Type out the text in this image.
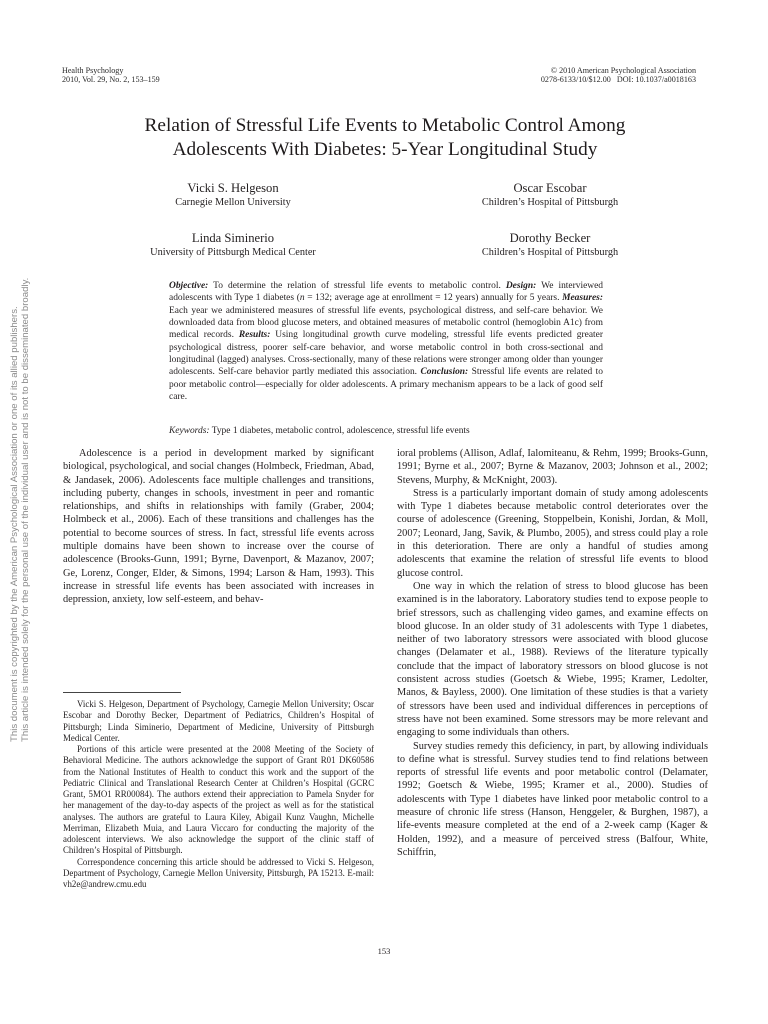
Health Psychology
2010, Vol. 29, No. 2, 153–159
© 2010 American Psychological Association
0278-6133/10/$12.00   DOI: 10.1037/a0018163
Relation of Stressful Life Events to Metabolic Control Among
Adolescents With Diabetes: 5-Year Longitudinal Study
Vicki S. Helgeson
Carnegie Mellon University
Oscar Escobar
Children’s Hospital of Pittsburgh
Linda Siminerio
University of Pittsburgh Medical Center
Dorothy Becker
Children’s Hospital of Pittsburgh
Objective: To determine the relation of stressful life events to metabolic control. Design: We interviewed adolescents with Type 1 diabetes (n = 132; average age at enrollment = 12 years) annually for 5 years. Measures: Each year we administered measures of stressful life events, psychological distress, and self-care behavior. We downloaded data from blood glucose meters, and obtained measures of metabolic control (hemoglobin A1c) from medical records. Results: Using longitudinal growth curve modeling, stressful life events predicted greater psychological distress, poorer self-care behavior, and worse metabolic control in both cross-sectional and longitudinal (lagged) analyses. Cross-sectionally, many of these relations were stronger among older than younger adolescents. Self-care behavior partly mediated this association. Conclusion: Stressful life events are related to poor metabolic control—especially for older adolescents. A primary mechanism appears to be a lack of good self care.
Keywords: Type 1 diabetes, metabolic control, adolescence, stressful life events

Adolescence is a period in development marked by significant biological, psychological, and social changes (Holmbeck, Friedman, Abad, & Jandasek, 2006). Adolescents face multiple challenges and transitions, including puberty, changes in schools, investment in peer and romantic relationships, and shifts in relationships with family (Graber, 2004; Holmbeck et al., 2006). Each of these transitions and challenges has the potential to become sources of stress. In fact, stressful life events across multiple domains have been shown to increase over the course of adolescence (Brooks-Gunn, 1991; Byrne, Davenport, & Mazanov, 2007; Ge, Lorenz, Conger, Elder, & Simons, 1994; Larson & Ham, 1993). This increase in stressful life events has been associated with increases in depression, anxiety, low self-esteem, and behav-

Vicki S. Helgeson, Department of Psychology, Carnegie Mellon University; Oscar Escobar and Dorothy Becker, Department of Pediatrics, Children’s Hospital of Pittsburgh; Linda Siminerio, Department of Medicine, University of Pittsburgh Medical Center.

Portions of this article were presented at the 2008 Meeting of the Society of Behavioral Medicine. The authors acknowledge the support of Grant R01 DK60586 from the National Institutes of Health to conduct this work and the support of the Pediatric Clinical and Translational Research Center at Children’s Hospital (GCRC Grant, 5MO1 RR00084). The authors extend their appreciation to Pamela Snyder for her management of the day-to-day aspects of the project as well as for the statistical analyses. The authors are grateful to Laura Kiley, Abigail Kunz Vaughn, Michelle Merriman, Elizabeth Muia, and Laura Viccaro for conducting the majority of the adolescent interviews. We also acknowledge the support of the clinic staff of Children’s Hospital of Pittsburgh.

Correspondence concerning this article should be addressed to Vicki S. Helgeson, Department of Psychology, Carnegie Mellon University, Pittsburgh, PA 15213. E-mail: vh2e@andrew.cmu.edu

ioral problems (Allison, Adlaf, Ialomiteanu, & Rehm, 1999; Brooks-Gunn, 1991; Byrne et al., 2007; Byrne & Mazanov, 2003; Johnson et al., 2002; Stevens, Murphy, & McKnight, 2003).

Stress is a particularly important domain of study among adolescents with Type 1 diabetes because metabolic control deteriorates over the course of adolescence (Greening, Stoppelbein, Konishi, Jordan, & Moll, 2007; Leonard, Jang, Savik, & Plumbo, 2005), and stress could play a role in this deterioration. There are only a handful of studies among adolescents that examine the relation of stressful life events to blood glucose control.

One way in which the relation of stress to blood glucose has been examined is in the laboratory. Laboratory studies tend to expose people to brief stressors, such as challenging video games, and examine effects on blood glucose. In an older study of 31 adolescents with Type 1 diabetes, neither of two laboratory stressors were associated with blood glucose changes (Delamater et al., 1988). Reviews of the literature typically conclude that the impact of laboratory stressors on blood glucose is not consistent across studies (Goetsch & Wiebe, 1995; Kramer, Ledolter, Manos, & Bayless, 2000). One limitation of these studies is that a variety of stressors have been used and individual differences in perceptions of stress have not been examined. Some stressors may be more relevant and engaging to some individuals than others.

Survey studies remedy this deficiency, in part, by allowing individuals to define what is stressful. Survey studies tend to find relations between reports of stressful life events and poor metabolic control (Delamater, 1992; Goetsch & Wiebe, 1995; Kramer et al., 2000). Studies of adolescents with Type 1 diabetes have linked poor metabolic control to a measure of chronic life stress (Hanson, Henggeler, & Burghen, 1987), a life-events measure completed at the end of a 2-week camp (Kager & Holden, 1992), and a measure of perceived stress (Balfour, White, Schiffrin,

153
This document is copyrighted by the American Psychological Association or one of its allied publishers. This article is intended solely for the personal use of the individual user and is not to be disseminated broadly.
